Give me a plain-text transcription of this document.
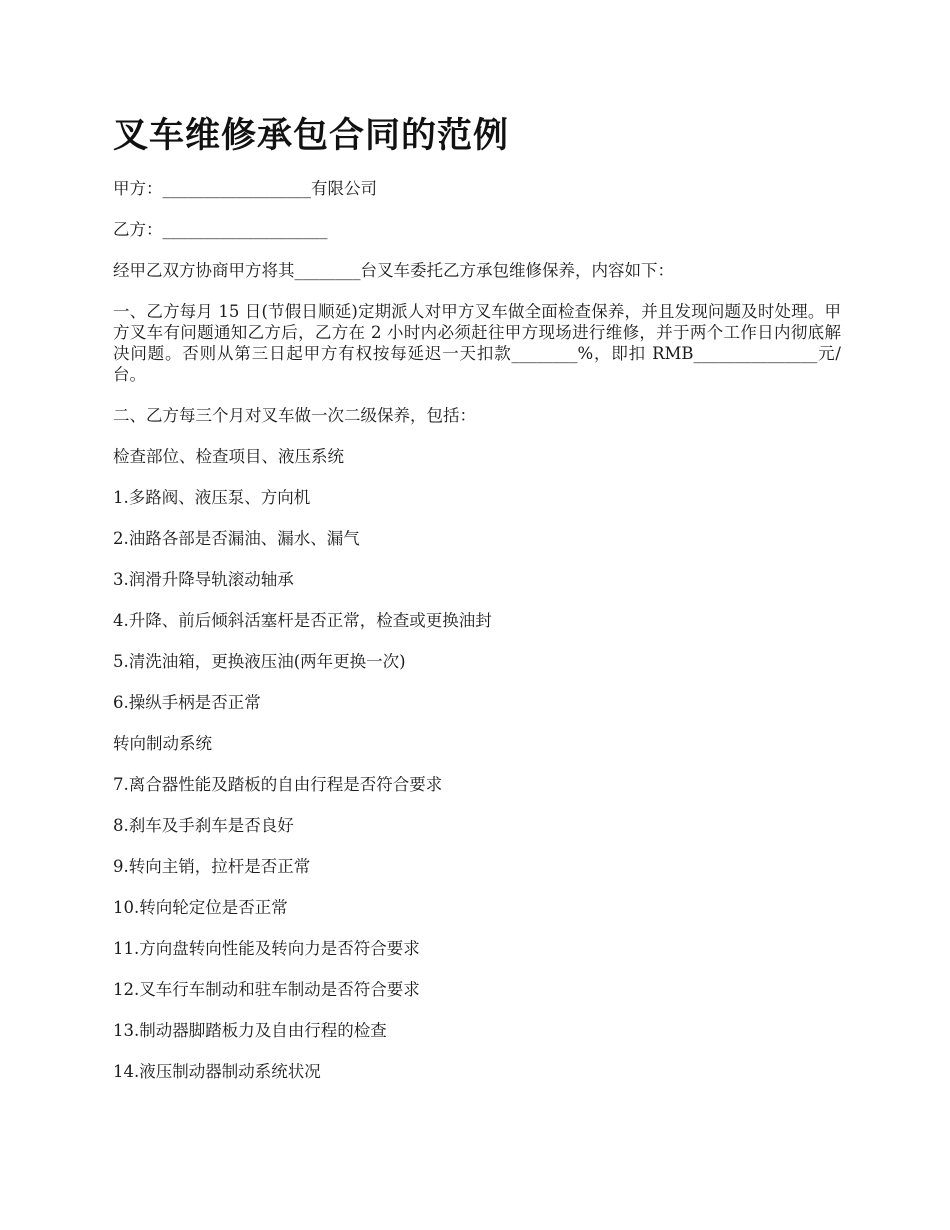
叉车维修承包合同的范例

甲方：__________________有限公司

乙方：____________________

经甲乙双方协商甲方将其________台叉车委托乙方承包维修保养，内容如下：

一、乙方每月 15 日(节假日顺延)定期派人对甲方叉车做全面检查保养，并且发现问题及时处理。甲方叉车有问题通知乙方后，乙方在 2 小时内必须赶往甲方现场进行维修，并于两个工作日内彻底解决问题。否则从第三日起甲方有权按每延迟一天扣款________%，即扣 RMB_______________元/台。

二、乙方每三个月对叉车做一次二级保养，包括：

检查部位、检查项目、液压系统

1.多路阀、液压泵、方向机

2.油路各部是否漏油、漏水、漏气

3.润滑升降导轨滚动轴承

4.升降、前后倾斜活塞杆是否正常，检查或更换油封

5.清洗油箱，更换液压油(两年更换一次)

6.操纵手柄是否正常

转向制动系统

7.离合器性能及踏板的自由行程是否符合要求

8.刹车及手刹车是否良好

9.转向主销，拉杆是否正常

10.转向轮定位是否正常

11.方向盘转向性能及转向力是否符合要求

12.叉车行车制动和驻车制动是否符合要求

13.制动器脚踏板力及自由行程的检查

14.液压制动器制动系统状况
